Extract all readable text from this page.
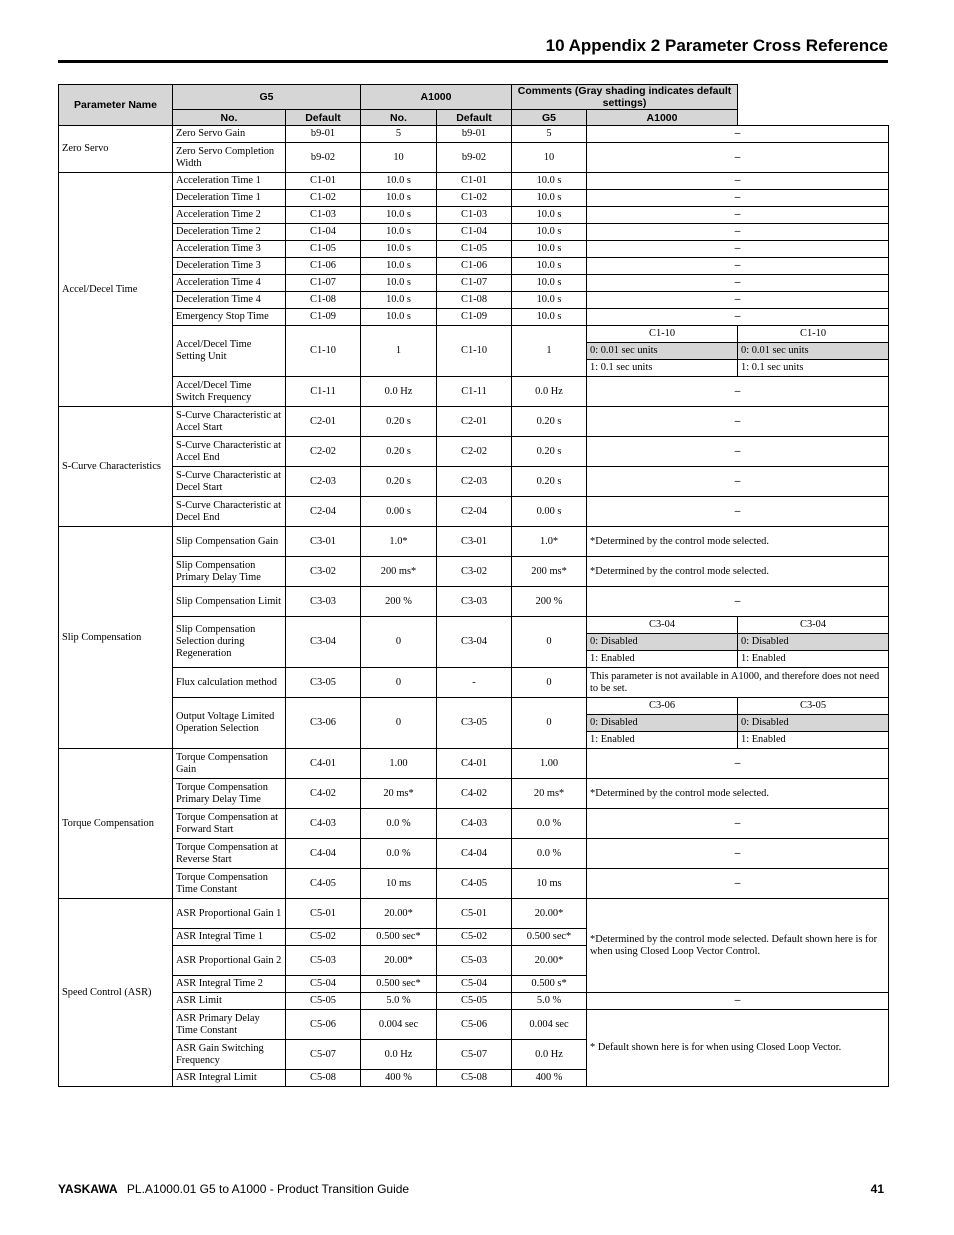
10 Appendix 2 Parameter Cross Reference
Parameter Name	G5		A1000		Comments (Gray shading indicates default settings)		
	No.	Default	No.	Default	G5	A1000	
Zero Servo	Zero Servo Gain	b9-01	5	b9-01	5	–	
	Zero Servo Completion Width	b9-02	10	b9-02	10	–	
Accel/Decel Time	Acceleration Time 1	C1-01	10.0 s	C1-01	10.0 s	–	
	Deceleration Time 1	C1-02	10.0 s	C1-02	10.0 s	–	
	Acceleration Time 2	C1-03	10.0 s	C1-03	10.0 s	–	
	Deceleration Time 2	C1-04	10.0 s	C1-04	10.0 s	–	
	Acceleration Time 3	C1-05	10.0 s	C1-05	10.0 s	–	
	Deceleration Time 3	C1-06	10.0 s	C1-06	10.0 s	–	
	Acceleration Time 4	C1-07	10.0 s	C1-07	10.0 s	–	
	Deceleration Time 4	C1-08	10.0 s	C1-08	10.0 s	–	
	Emergency Stop Time	C1-09	10.0 s	C1-09	10.0 s	–	
	Accel/Decel Time Setting Unit	C1-10	1	C1-10	1	C1-10	C1-10
						0: 0.01 sec units	0: 0.01 sec units
						1: 0.1 sec units	1: 0.1 sec units
	Accel/Decel Time Switch Frequency	C1-11	0.0 Hz	C1-11	0.0 Hz	–	
S-Curve Characteristics	S-Curve Characteristic at Accel Start	C2-01	0.20 s	C2-01	0.20 s	–	
	S-Curve Characteristic at Accel End	C2-02	0.20 s	C2-02	0.20 s	–	
	S-Curve Characteristic at Decel Start	C2-03	0.20 s	C2-03	0.20 s	–	
	S-Curve Characteristic at Decel End	C2-04	0.00 s	C2-04	0.00 s	–	
Slip Compensation	Slip Compensation Gain	C3-01	1.0*	C3-01	1.0*	*Determined by the control mode selected.	
	Slip Compensation Primary Delay Time	C3-02	200 ms*	C3-02	200 ms*	*Determined by the control mode selected.	
	Slip Compensation Limit	C3-03	200 %	C3-03	200 %	–	
	Slip Compensation Selection during Regeneration	C3-04	0	C3-04	0	C3-04	C3-04
						0: Disabled	0: Disabled
						1: Enabled	1: Enabled
	Flux calculation method	C3-05	0	-	0	This parameter is not available in A1000, and therefore does not need to be set.	
	Output Voltage Limited Operation Selection	C3-06	0	C3-05	0	C3-06	C3-05
						0: Disabled	0: Disabled
						1: Enabled	1: Enabled
Torque Compensation	Torque Compensation Gain	C4-01	1.00	C4-01	1.00	–	
	Torque Compensation Primary Delay Time	C4-02	20 ms*	C4-02	20 ms*	*Determined by the control mode selected.	
	Torque Compensation at Forward Start	C4-03	0.0 %	C4-03	0.0 %	–	
	Torque Compensation at Reverse Start	C4-04	0.0 %	C4-04	0.0 %	–	
	Torque Compensation Time Constant	C4-05	10 ms	C4-05	10 ms	–	
Speed Control (ASR)	ASR Proportional Gain 1	C5-01	20.00*	C5-01	20.00*	*Determined by the control mode selected. Default shown here is for when using Closed Loop Vector Control.	
	ASR Integral Time 1	C5-02	0.500 sec*	C5-02	0.500 sec*		
	ASR Proportional Gain 2	C5-03	20.00*	C5-03	20.00*		
	ASR Integral Time 2	C5-04	0.500 sec*	C5-04	0.500 s*		
	ASR Limit	C5-05	5.0 %	C5-05	5.0 %	–	
	ASR Primary Delay Time Constant	C5-06	0.004 sec	C5-06	0.004 sec	* Default shown here is for when using Closed Loop Vector.	
	ASR Gain Switching Frequency	C5-07	0.0 Hz	C5-07	0.0 Hz		
	ASR Integral Limit	C5-08	400 %	C5-08	400 %		
YASKAWA PL.A1000.01 G5 to A1000 - Product Transition Guide	41
